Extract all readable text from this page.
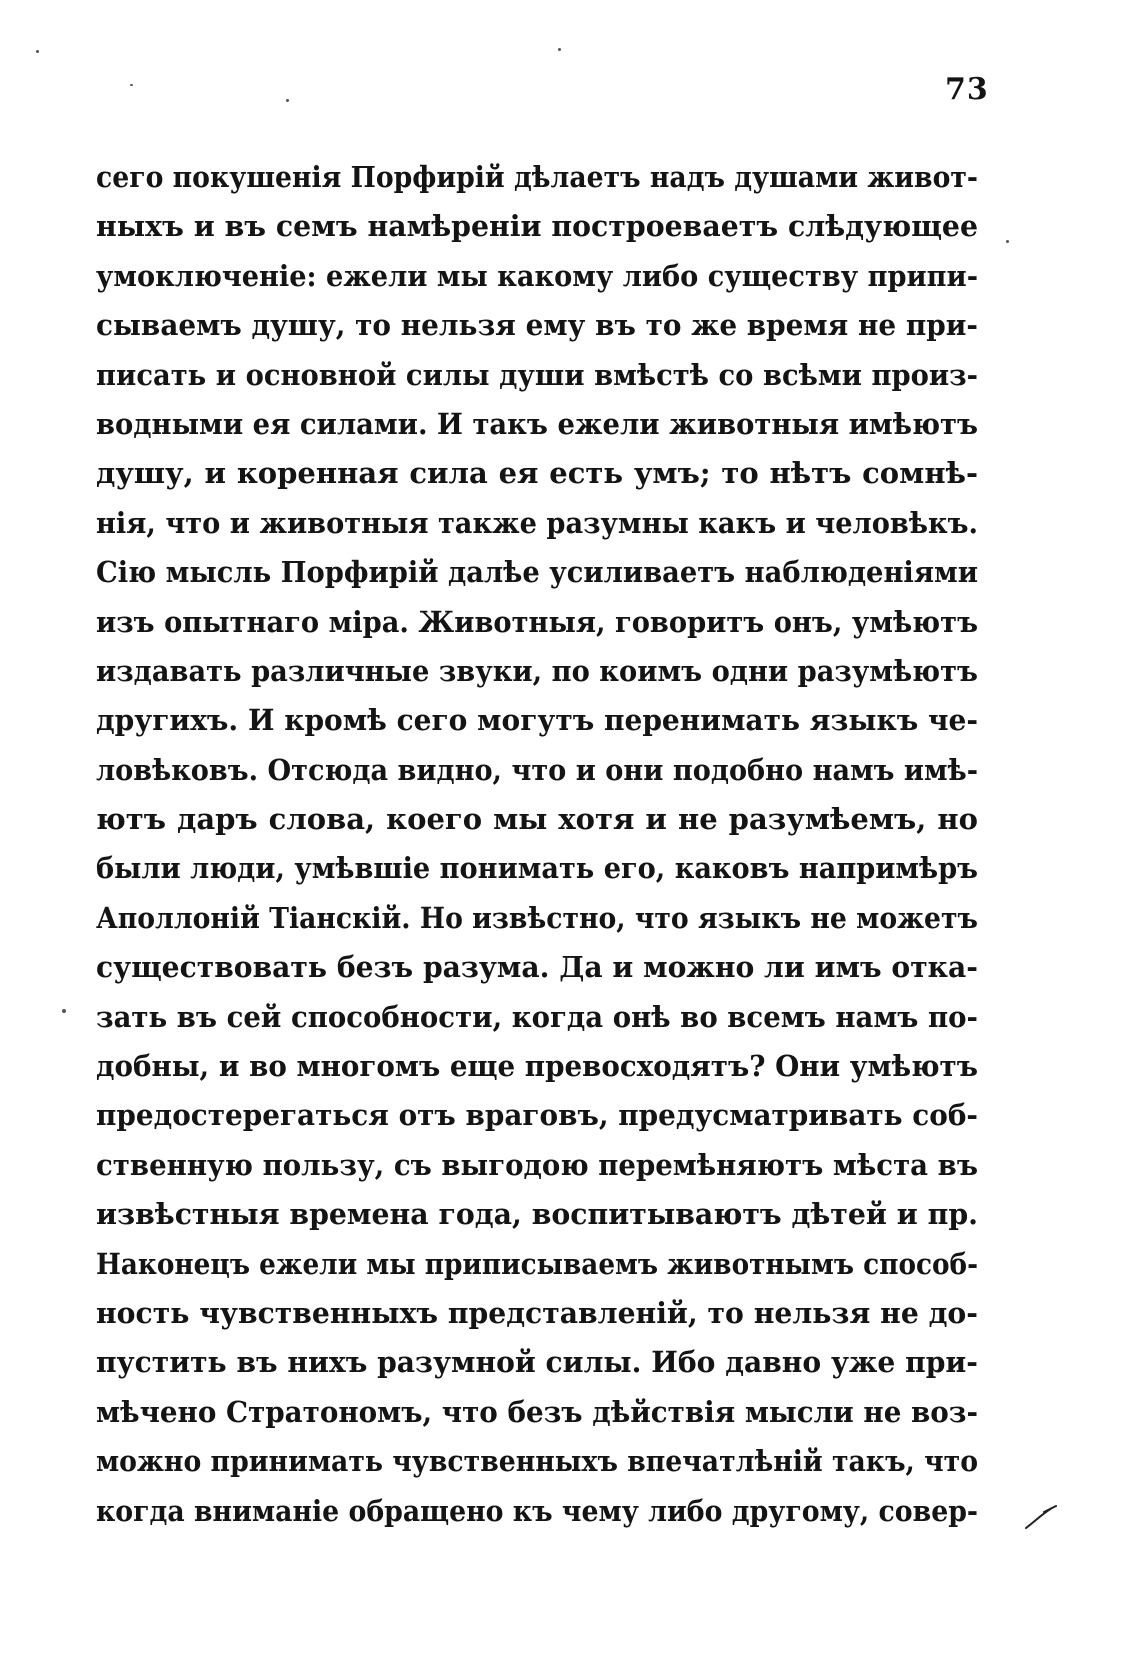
73
сего покушенія Порфирій дѣлаетъ надъ душами живот-
ныхъ и въ семъ намѣреніи построеваетъ слѣдующее
умоключеніе: ежели мы какому либо существу припи-
сываемъ душу, то нельзя ему въ то же время не при-
писать и основной силы души вмѣстѣ со всѣми произ-
водными ея силами. И такъ ежели животныя имѣютъ
душу, и коренная сила ея есть умъ; то нѣтъ сомнѣ-
нія, что и животныя также разумны какъ и человѣкъ.
Сію мысль Порфирій далѣе усиливаетъ наблюденіями
изъ опытнаго міра. Животныя, говоритъ онъ, умѣютъ
издавать различные звуки, по коимъ одни разумѣютъ
другихъ. И кромѣ сего могутъ перенимать языкъ че-
ловѣковъ. Отсюда видно, что и они подобно намъ имѣ-
ютъ даръ слова, коего мы хотя и не разумѣемъ, но
были люди, умѣвшіе понимать его, каковъ напримѣръ
Аполлоній Тіанскій. Но извѣстно, что языкъ не можетъ
существовать безъ разума. Да и можно ли имъ отка-
зать въ сей способности, когда онѣ во всемъ намъ по-
добны, и во многомъ еще превосходятъ? Они умѣютъ
предостерегаться отъ враговъ, предусматривать соб-
ственную пользу, съ выгодою перемѣняютъ мѣста въ
извѣстныя времена года, воспитываютъ дѣтей и пр.
Наконецъ ежели мы приписываемъ животнымъ способ-
ность чувственныхъ представленій, то нельзя не до-
пустить въ нихъ разумной силы. Ибо давно уже при-
мѣчено Стратономъ, что безъ дѣйствія мысли не воз-
можно принимать чувственныхъ впечатлѣній такъ, что
когда вниманіе обращено къ чему либо другому, совер-
